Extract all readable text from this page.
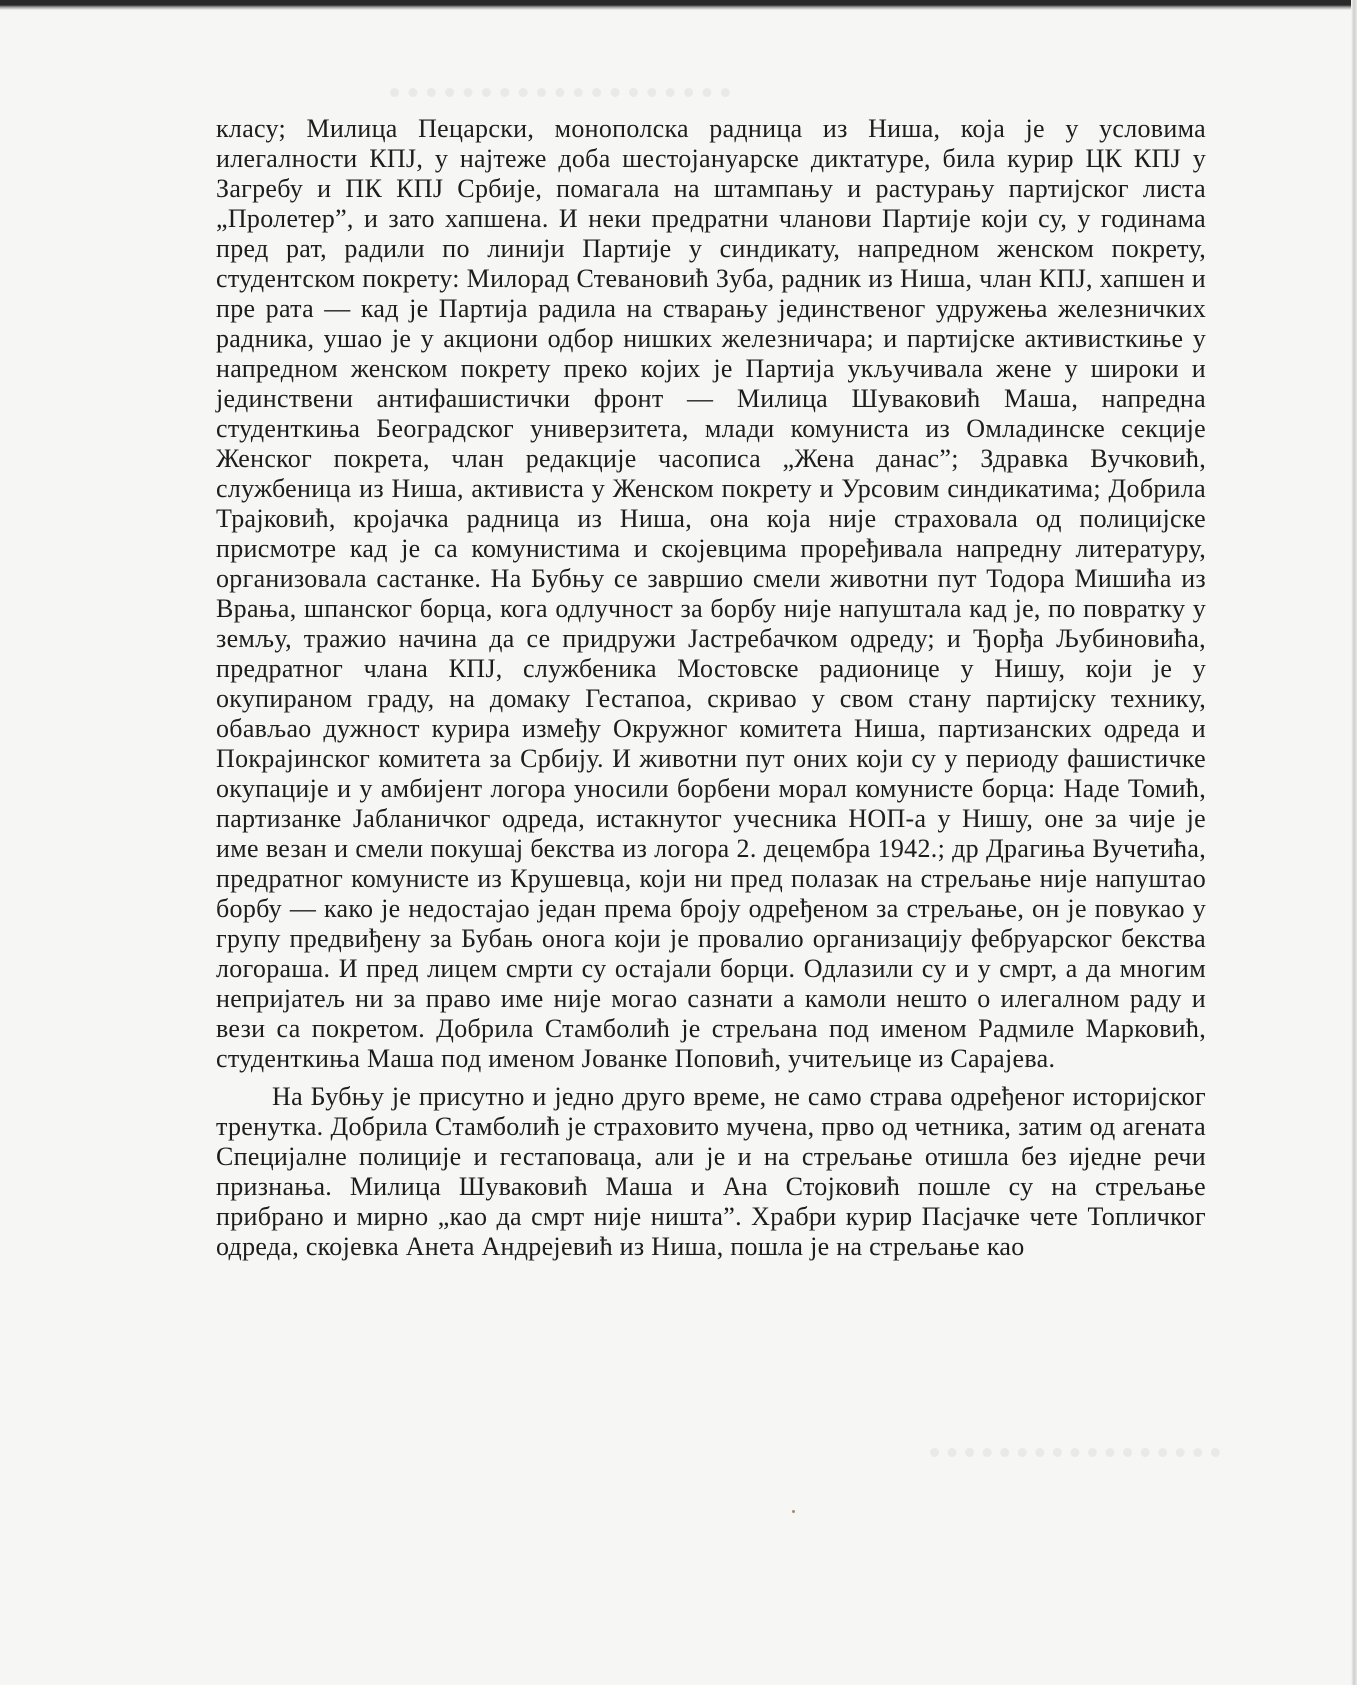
класу; Милица Пецарски, монополска радница из Ниша, која је у условима илегалности КПЈ, у најтеже доба шестојануарске диктатуре, била курир ЦК КПЈ у Загребу и ПК КПЈ Србије, помагала на штампању и растурању партијског листа „Пролетер”, и зато хапшена. И неки предратни чланови Партије који су, у годинама пред рат, радили по линији Партије у синдикату, напредном женском покрету, студентском покрету: Милорад Стевановић Зуба, радник из Ниша, члан КПЈ, хапшен и пре рата — кад је Партија радила на стварању јединственог удружења железничких радника, ушао је у акциони одбор нишких железничара; и партијске активисткиње у напредном женском покрету преко којих је Партија укључивала жене у широки и јединствени антифашистички фронт — Милица Шуваковић Маша, напредна студенткиња Београдског универзитета, млади комуниста из Омладинске секције Женског покрета, члан редакције часописа „Жена данас”; Здравка Вучковић, службеница из Ниша, активиста у Женском покрету и Урсовим синдикатима; Добрила Трајковић, кројачка радница из Ниша, она која није страховала од полицијске присмотре кад је са комунистима и скојевцима проређивала напредну литературу, организовала састанке. На Бубњу се завршио смели животни пут Тодора Мишића из Врања, шпанског борца, кога одлучност за борбу није напуштала кад је, по повратку у земљу, тражио начина да се придружи Јастребачком одреду; и Ђорђа Љубиновића, предратног члана КПЈ, службеника Мостовске радионице у Нишу, који је у окупираном граду, на домаку Гестапоа, скривао у свом стану партијску технику, обављао дужност курира између Окружног комитета Ниша, партизанских одреда и Покрајинског комитета за Србију. И животни пут оних који су у периоду фашистичке окупације и у амбијент логора уносили борбени морал комунисте борца: Наде Томић, партизанке Јабланичког одреда, истакнутог учесника НОП-а у Нишу, оне за чије је име везан и смели покушај бекства из логора 2. децембра 1942.; др Драгиња Вучетића, предратног комунисте из Крушевца, који ни пред полазак на стрељање није напуштао борбу — како је недостајао један према броју одређеном за стрељање, он је повукао у групу предвиђену за Бубањ онога који је провалио организацију фебруарског бекства логораша. И пред лицем смрти су остајали борци. Одлазили су и у смрт, а да многим непријатељ ни за право име није могао сазнати а камоли нешто о илегалном раду и вези са покретом. Добрила Стамболић је стрељана под именом Радмиле Марковић, студенткиња Маша под именом Јованке Поповић, учитељице из Сарајева.

На Бубњу је присутно и једно друго време, не само страва одређеног историјског тренутка. Добрила Стамболић је страховито мучена, прво од четника, затим од агената Специјалне полиције и гестаповаца, али је и на стрељање отишла без иједне речи признања. Милица Шуваковић Маша и Ана Стојковић пошле су на стрељање прибрано и мирно „као да смрт није ништа”. Храбри курир Пасјачке чете Топличког одреда, скојевка Анета Андрејевић из Ниша, пошла је на стрељање као
